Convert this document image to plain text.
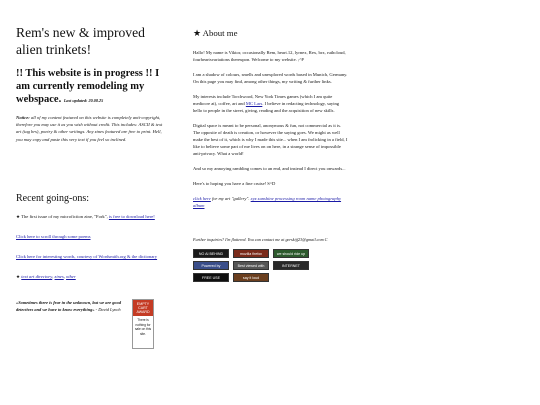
Rem's new & improved alien trinkets!
!! This website is in progress !! I am currently remodeling my webspace. Last updated: 20.08.25

Notice: all of my content featured on this website is completely anti-copyright, therefore you may use it as you wish without credit. This includes: ASCII & text art (tag brs), poetry & other writings. Any zines featured are free to print. Hell, you may copy and paste this very text if you feel so inclined.

Recent going-ons:

★ The first issue of my microfiction zine, "Fork", is free to download here!

Click here to scroll through some poems

Click here for interesting words, courtesy of Wordsmith.org & the dictionary

★ text art directory, zines, other

«Sometimes there is fear in the unknown, but we are good detectives and we have to know everything» - David Lynch
EMPTY CART AWARD
There is nothing for sale on this site.
★ About me

Hallo! My name is Viktor, occasionally Rem, heart.12, lyrnex, Rex, brx, ruthcloud, fourheartsvariations thereupon. Welcome to my website. ;^P

I am a shadow of colours, smells and unexplored words based in Munich, Germany. On this page you may find, among other things, my writing & further links.

My interests include Torchwood, New York Times games (which I am quite mediocre at), coffee, art and MC Lars. I believe in redacting technology, saying hello to people in the street, giving, reading and the acquisition of new skills.

Digital space is meant to be personal, anonymous & fun, not commercial as it is. The opposite of death is creation, or however the saying goes. We might as well make the best of it, which is why I made this site... when I am frolicking in a field, I like to believe some part of me lives on on here, in a strange sense of impossible anti-privacy. What a world!

And so my annoying rambling comes to an end, and instead I direct you onwards...

Here's to hoping you have a fine cruise! S^D

click here for my art "gallery". xyz sunshine processing room name photography album

Further inquiries? I'm flattered. You can contact me at gerskijf23@gmail.com C
NO AI BEHIND	mozilla firefox	we should ride up
Powered by	Best viewed with	INTERNET ARCHIVE
FREE USE	say it loud
